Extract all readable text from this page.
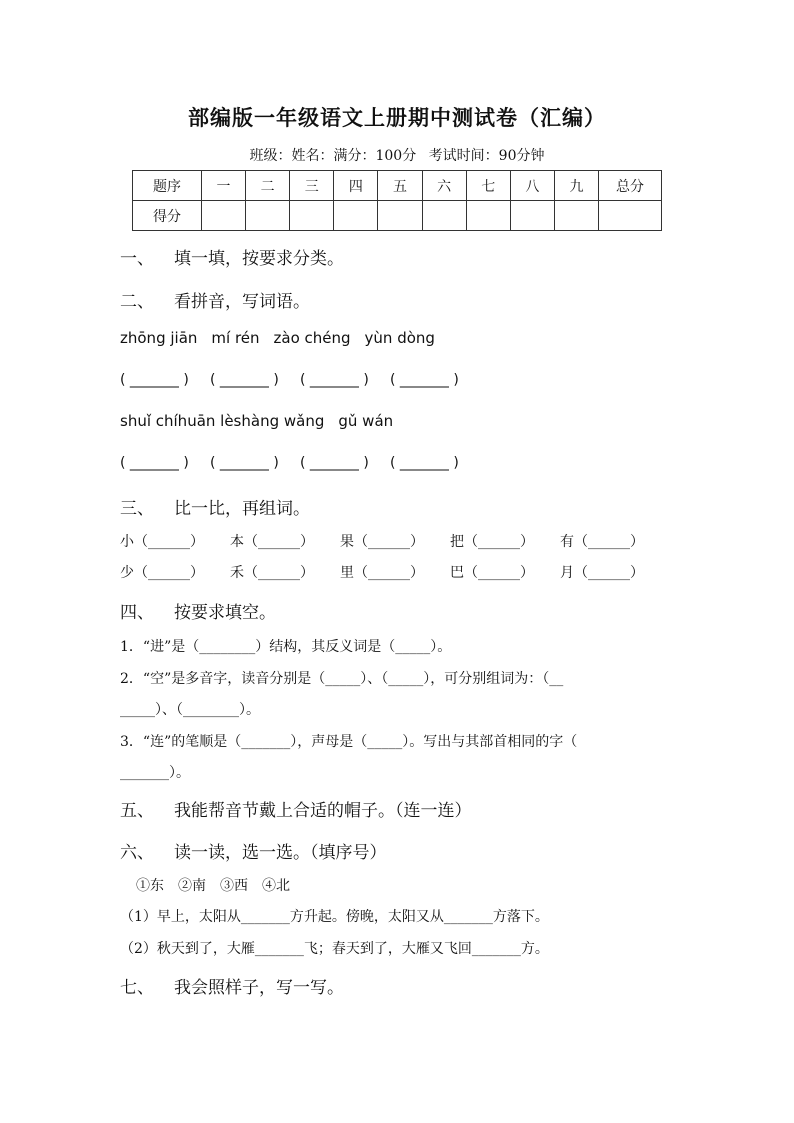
部编版一年级语文上册期中测试卷（汇编）
班级：姓名：满分：100分 考试时间：90分钟
题序	一	二	三	四	五	六	七	八	九	总分
得分										
一、 填一填，按要求分类。
二、 看拼音，写词语。
zhōng jiān mí rén zào chéng yùn dòng
( _______ ) ( _______ ) ( _______ ) ( _______ )
shuǐ chíhuān lèshàng wǎng gǔ wán
( _______ ) ( _______ ) ( _______ ) ( _______ )
三、 比一比，再组词。
小（______） 本（______） 果（______） 把（______） 有（______）
少（______） 禾（______） 里（______） 巴（______） 月（______）
四、 按要求填空。
1．“进”是（________）结构，其反义词是（_____）。
2．“空”是多音字，读音分别是（_____）、（_____），可分别组词为：（__
_____）、（________）。
3．“连”的笔顺是（_______），声母是（_____）。写出与其部首相同的字（
_______）。
五、 我能帮音节戴上合适的帽子。（连一连）
六、 读一读，选一选。（填序号）
①东 ②南 ③西 ④北
（1）早上，太阳从_______方升起。傍晚，太阳又从_______方落下。
（2）秋天到了，大雁_______飞；春天到了，大雁又飞回_______方。
七、 我会照样子，写一写。
